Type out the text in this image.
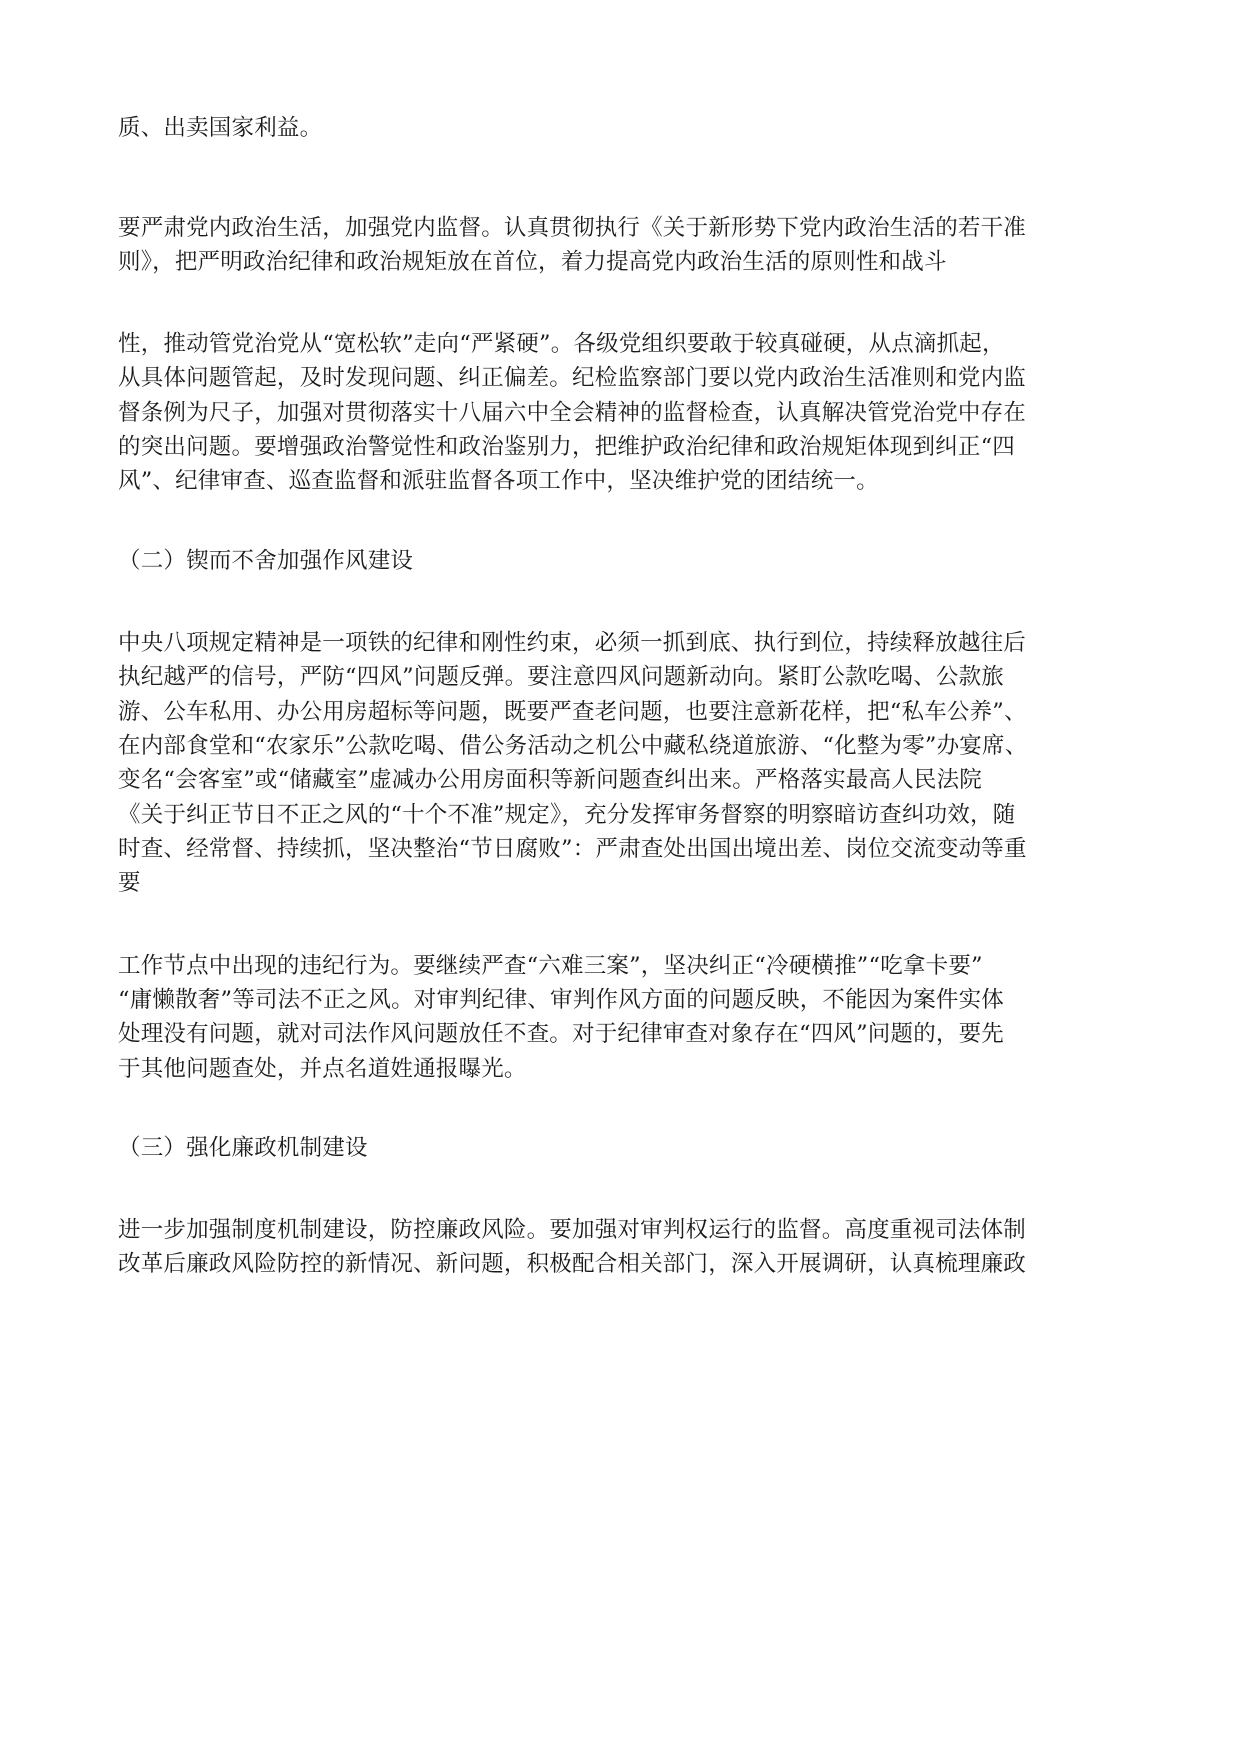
质、出卖国家利益。
要严肃党内政治生活，加强党内监督。认真贯彻执行《关于新形势下党内政治生活的若干准
则》，把严明政治纪律和政治规矩放在首位，着力提高党内政治生活的原则性和战斗
性，推动管党治党从“宽松软”走向“严紧硬”。各级党组织要敢于较真碰硬，从点滴抓起，
从具体问题管起，及时发现问题、纠正偏差。纪检监察部门要以党内政治生活准则和党内监
督条例为尺子，加强对贯彻落实十八届六中全会精神的监督检查，认真解决管党治党中存在
的突出问题。要增强政治警觉性和政治鉴别力，把维护政治纪律和政治规矩体现到纠正“四
风”、纪律审查、巡查监督和派驻监督各项工作中，坚决维护党的团结统一。
（二）锲而不舍加强作风建设
中央八项规定精神是一项铁的纪律和刚性约束，必须一抓到底、执行到位，持续释放越往后
执纪越严的信号，严防“四风”问题反弹。要注意四风问题新动向。紧盯公款吃喝、公款旅
游、公车私用、办公用房超标等问题，既要严查老问题，也要注意新花样，把“私车公养”、
在内部食堂和“农家乐”公款吃喝、借公务活动之机公中藏私绕道旅游、“化整为零”办宴席、
变名“会客室”或“储藏室”虚减办公用房面积等新问题查纠出来。严格落实最高人民法院
《关于纠正节日不正之风的“十个不准”规定》，充分发挥审务督察的明察暗访查纠功效，随
时查、经常督、持续抓，坚决整治“节日腐败”：严肃查处出国出境出差、岗位交流变动等重
要
工作节点中出现的违纪行为。要继续严查“六难三案”，坚决纠正“冷硬横推”“吃拿卡要”
“庸懒散奢”等司法不正之风。对审判纪律、审判作风方面的问题反映，不能因为案件实体
处理没有问题，就对司法作风问题放任不查。对于纪律审查对象存在“四风”问题的，要先
于其他问题查处，并点名道姓通报曝光。
（三）强化廉政机制建设
进一步加强制度机制建设，防控廉政风险。要加强对审判权运行的监督。高度重视司法体制
改革后廉政风险防控的新情况、新问题，积极配合相关部门，深入开展调研，认真梳理廉政
